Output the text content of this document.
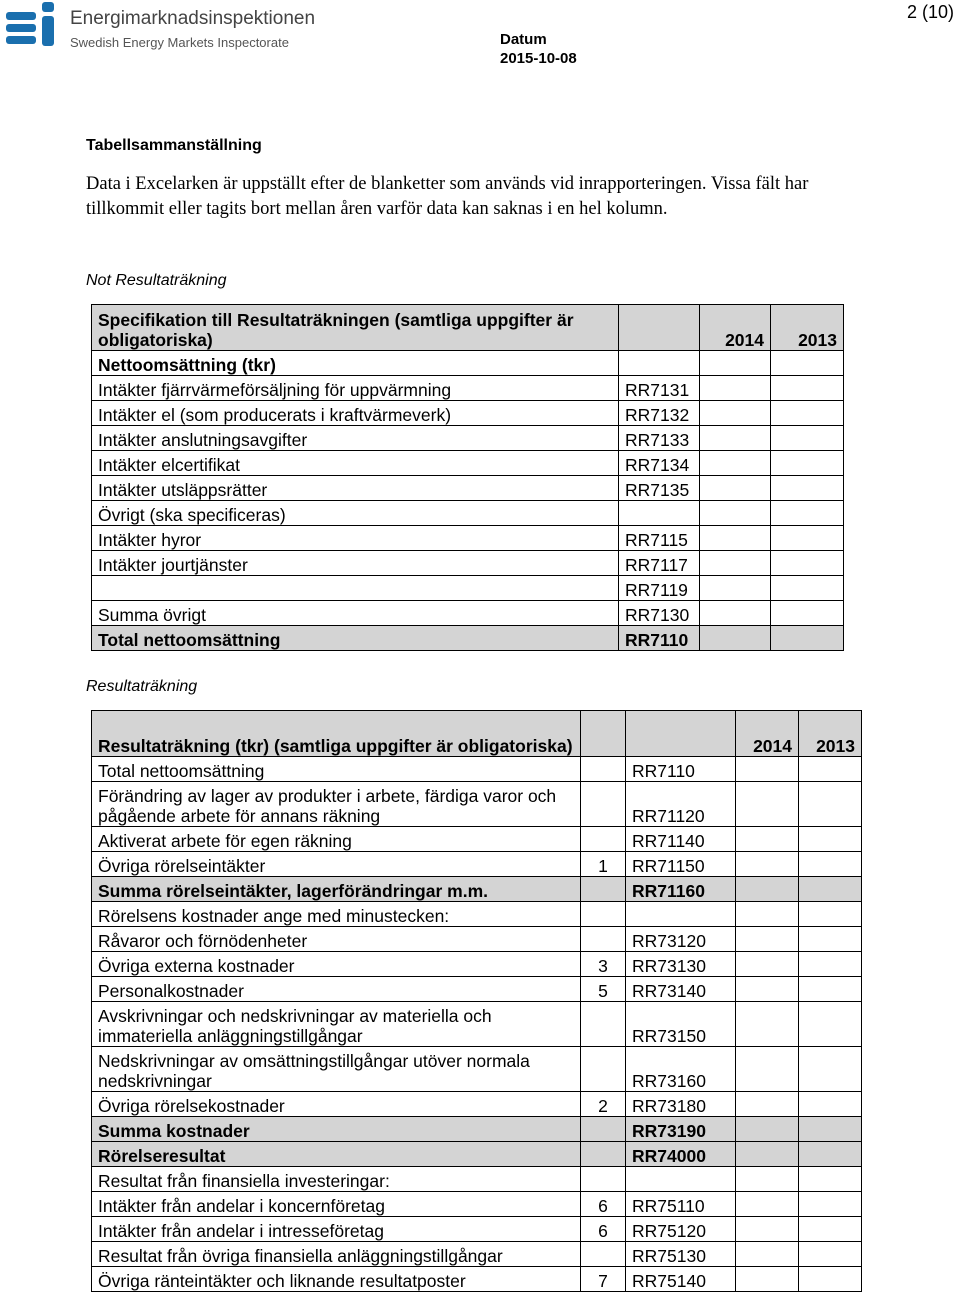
Energimarknadsinspektionen
Swedish Energy Markets Inspectorate
2 (10)
Datum
2015-10-08
Tabellsammanställning
Data i Excelarken är uppställt efter de blanketter som används vid inrapporteringen. Vissa fält har tillkommit eller tagits bort mellan åren varför data kan saknas i en hel kolumn.
Not Resultaträkning
Specifikation till Resultaträkningen (samtliga uppgifter är obligatoriska)		2014	2013
Nettoomsättning (tkr)			
Intäkter fjärrvärmeförsäljning för uppvärmning	RR7131		
Intäkter el (som producerats i kraftvärmeverk)	RR7132		
Intäkter anslutningsavgifter	RR7133		
Intäkter elcertifikat	RR7134		
Intäkter utsläppsrätter	RR7135		
Övrigt (ska specificeras)			
Intäkter hyror	RR7115		
Intäkter jourtjänster	RR7117		
	RR7119		
Summa övrigt	RR7130		
Total nettoomsättning	RR7110		
Resultaträkning
Resultaträkning (tkr) (samtliga uppgifter är obligatoriska)			2014	2013
Total nettoomsättning		RR7110		
Förändring av lager av produkter i arbete, färdiga varor och pågående arbete för annans räkning		RR71120		
Aktiverat arbete för egen räkning		RR71140		
Övriga rörelseintäkter	1	RR71150		
Summa rörelseintäkter, lagerförändringar m.m.		RR71160		
Rörelsens kostnader ange med minustecken:				
Råvaror och förnödenheter		RR73120		
Övriga externa kostnader	3	RR73130		
Personalkostnader	5	RR73140		
Avskrivningar och nedskrivningar av materiella och immateriella anläggningstillgångar		RR73150		
Nedskrivningar av omsättningstillgångar utöver normala nedskrivningar		RR73160		
Övriga rörelsekostnader	2	RR73180		
Summa kostnader		RR73190		
Rörelseresultat		RR74000		
Resultat från finansiella investeringar:				
Intäkter från andelar i koncernföretag	6	RR75110		
Intäkter från andelar i intresseföretag	6	RR75120		
Resultat från övriga finansiella anläggningstillgångar		RR75130		
Övriga ränteintäkter och liknande resultatposter	7	RR75140		
